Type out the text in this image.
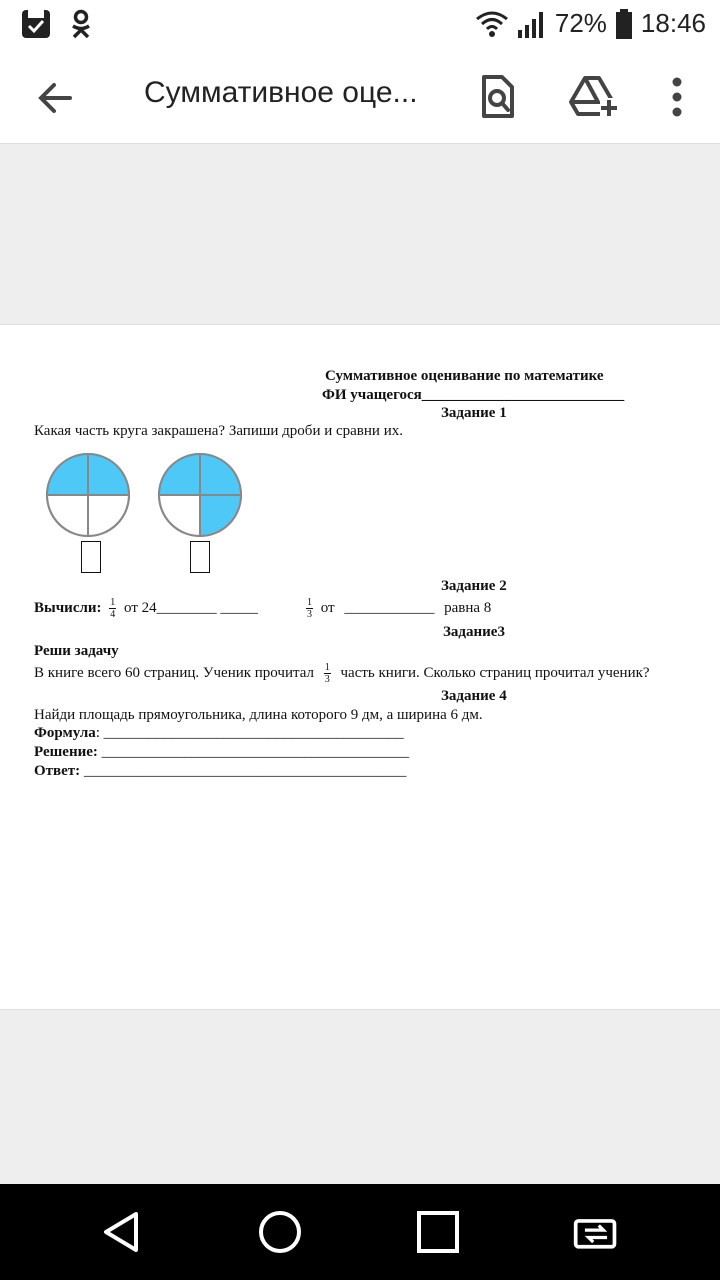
72% 18:46
Суммативное оце...
Суммативное оценивание по математике
ФИ учащегося___________________________
Задание 1
Какая часть круга закрашена? Запиши дроби и сравни их.
Задание 2
Вычисли: $\frac{1}{4}$ от 24________ _____	$\frac{1}{3}$ от ____________ равна 8
Задание3
Реши задачу
В книге всего 60 страниц. Ученик прочитал $\frac{1}{3}$ часть книги. Сколько страниц прочитал ученик?
Задание 4
Найди площадь прямоугольника, длина которого 9 дм, а ширина 6 дм.
Формула: ________________________________________
Решение: _________________________________________
Ответ: ___________________________________________
